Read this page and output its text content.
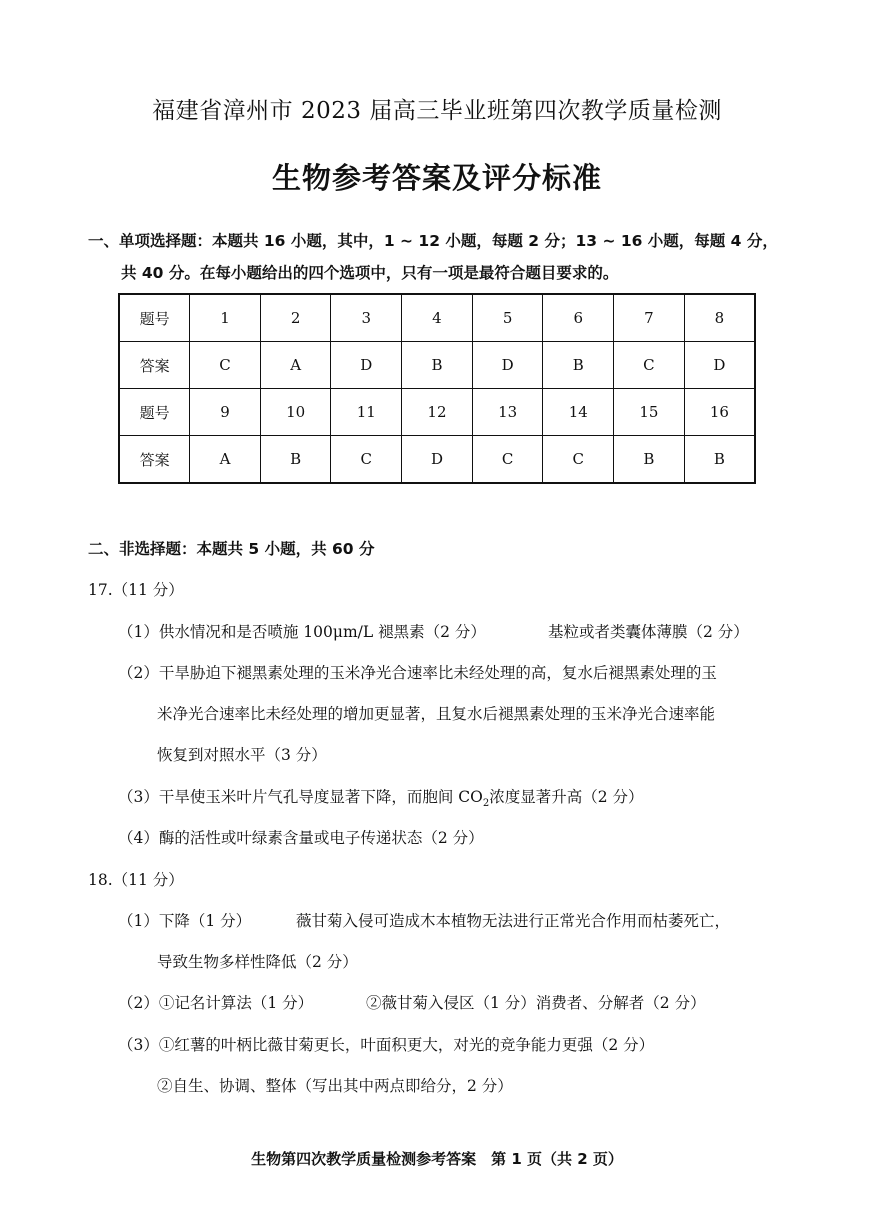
福建省漳州市 2023 届高三毕业班第四次教学质量检测
生物参考答案及评分标准
一、单项选择题：本题共 16 小题，其中，1 ~ 12 小题，每题 2 分；13 ~ 16 小题，每题 4 分，
共 40 分。在每小题给出的四个选项中，只有一项是最符合题目要求的。
题号	1	2	3	4	5	6	7	8
答案	C	A	D	B	D	B	C	D
题号	9	10	11	12	13	14	15	16
答案	A	B	C	D	C	C	B	B
二、非选择题：本题共 5 小题，共 60 分
17.（11 分）
（1）供水情况和是否喷施 100μm/L 褪黑素（2 分）	基粒或者类囊体薄膜（2 分）
（2）干旱胁迫下褪黑素处理的玉米净光合速率比未经处理的高，复水后褪黑素处理的玉
米净光合速率比未经处理的增加更显著，且复水后褪黑素处理的玉米净光合速率能
恢复到对照水平（3 分）
（3）干旱使玉米叶片气孔导度显著下降，而胞间 $CO_2$浓度显著升高（2 分）
（4）酶的活性或叶绿素含量或电子传递状态（2 分）
18.（11 分）
（1）下降（1 分）	薇甘菊入侵可造成木本植物无法进行正常光合作用而枯萎死亡，
导致生物多样性降低（2 分）
（2）①记名计算法（1 分）	②薇甘菊入侵区（1 分）消费者、分解者（2 分）
（3）①红薯的叶柄比薇甘菊更长，叶面积更大，对光的竞争能力更强（2 分）
②自生、协调、整体（写出其中两点即给分，2 分）
生物第四次教学质量检测参考答案　第 1 页（共 2 页）
